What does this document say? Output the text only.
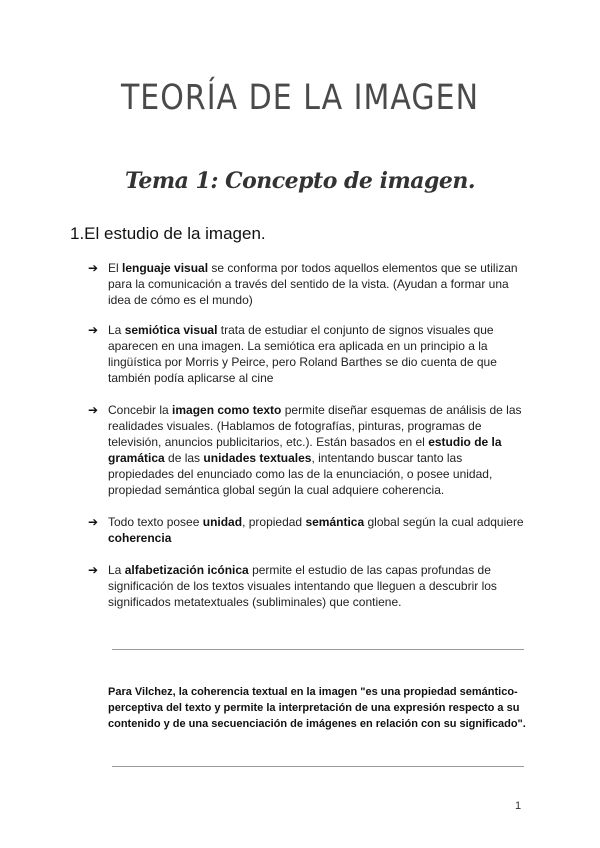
TEORÍA DE LA IMAGEN
Tema 1: Concepto de imagen.
1.El estudio de la imagen.
➔ El lenguaje visual se conforma por todos aquellos elementos que se utilizan para la comunicación a través del sentido de la vista. (Ayudan a formar una idea de cómo es el mundo)
➔ La semiótica visual trata de estudiar el conjunto de signos visuales que aparecen en una imagen. La semiótica era aplicada en un principio a la lingüística por Morris y Peirce, pero Roland Barthes se dio cuenta de que también podía aplicarse al cine
➔ Concebir la imagen como texto permite diseñar esquemas de análisis de las realidades visuales. (Hablamos de fotografías, pinturas, programas de televisión, anuncios publicitarios, etc.). Están basados en el estudio de la gramática de las unidades textuales, intentando buscar tanto las propiedades del enunciado como las de la enunciación, o posee unidad, propiedad semántica global según la cual adquiere coherencia.
➔ Todo texto posee unidad, propiedad semántica global según la cual adquiere coherencia
➔ La alfabetización icónica permite el estudio de las capas profundas de significación de los textos visuales intentando que lleguen a descubrir los significados metatextuales (subliminales) que contiene.
Para Vilchez, la coherencia textual en la imagen "es una propiedad semántico-perceptiva del texto y permite la interpretación de una expresión respecto a su contenido y de una secuenciación de imágenes en relación con su significado".
1
